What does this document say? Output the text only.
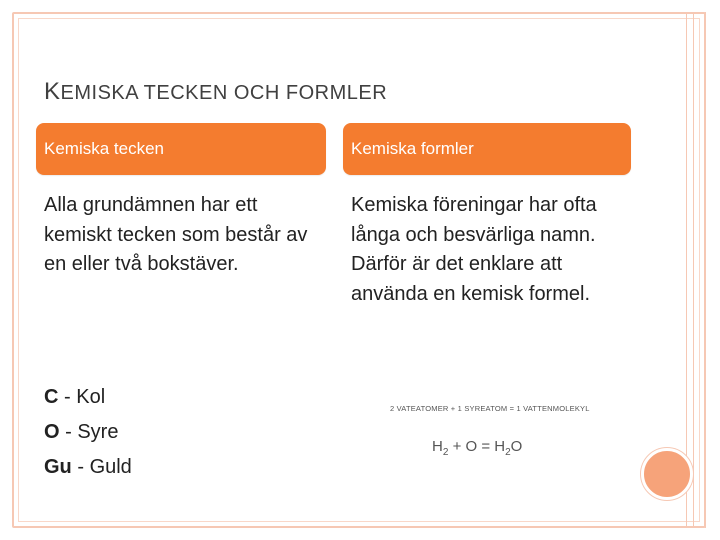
KEMISKA TECKEN OCH FORMLER
Kemiska tecken	Kemiska formler
Alla grundämnen har ett kemiskt tecken som består av en eller två bokstäver.
Kemiska föreningar har ofta långa och besvärliga namn. Därför är det enklare att använda en kemisk formel.
C - Kol
O - Syre
Gu - Guld
2 VATEATOMER + 1 SYREATOM = 1 VATTENMOLEKYL
$H_2 + O = H_2O$
